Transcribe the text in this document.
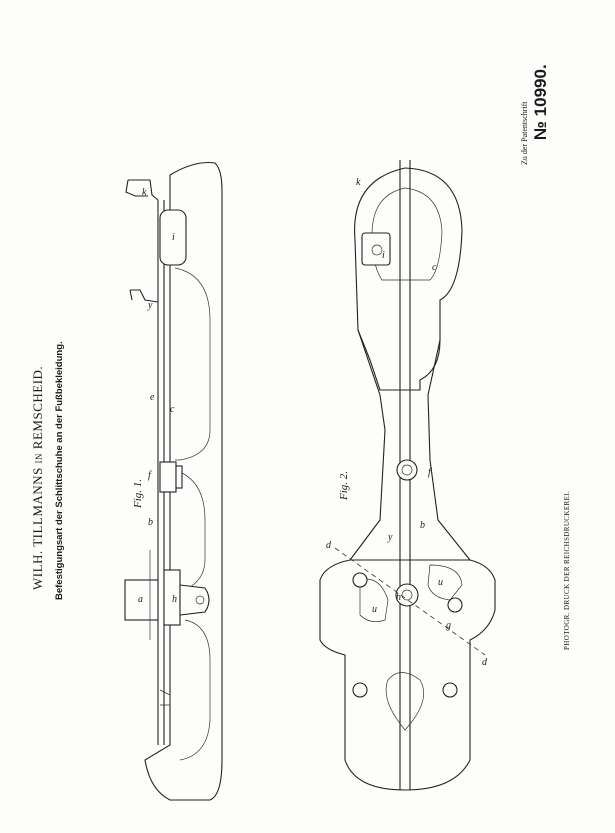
WILH. TILLMANNS IN REMSCHEID. Befestigungsart der Schlittschuhe an der Fußbekleidung.	Fig. 1.	Fig. 2.
Zu der Patentschrift № 10990.
PHOTOGR. DRUCK DER REICHSDRUCKEREI.
k
i
y
e
c
f
b
a	h
k
i
c
f
y
b
d
d
u
u
h
g
